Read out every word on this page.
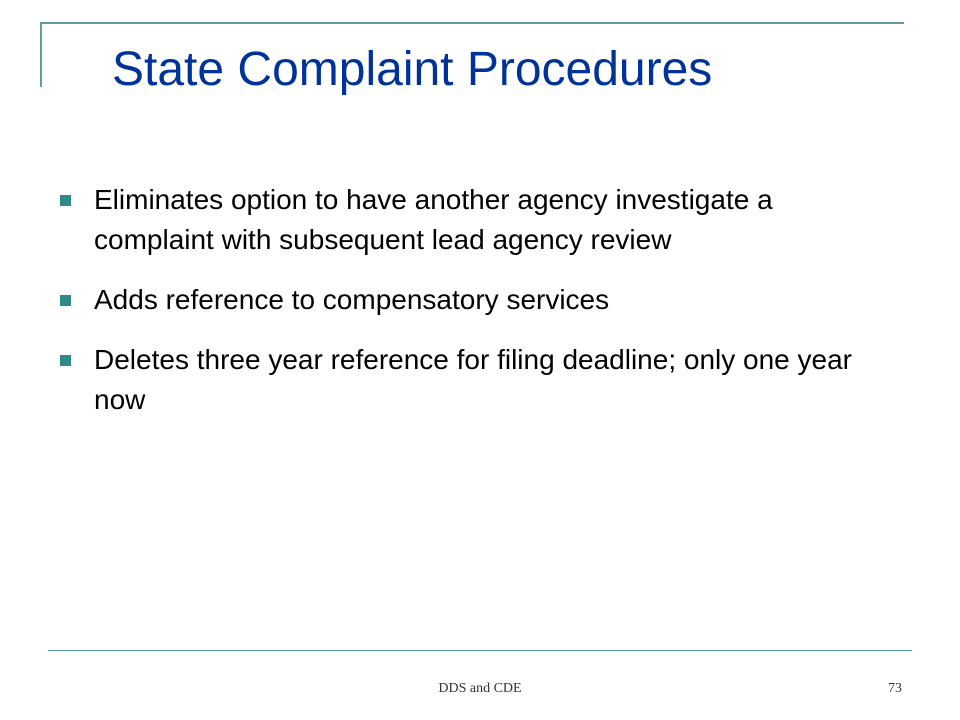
State Complaint Procedures
Eliminates option to have another agency investigate a complaint with subsequent lead agency review
Adds reference to compensatory services
Deletes three year reference for filing deadline; only one year now
DDS and CDE	73
